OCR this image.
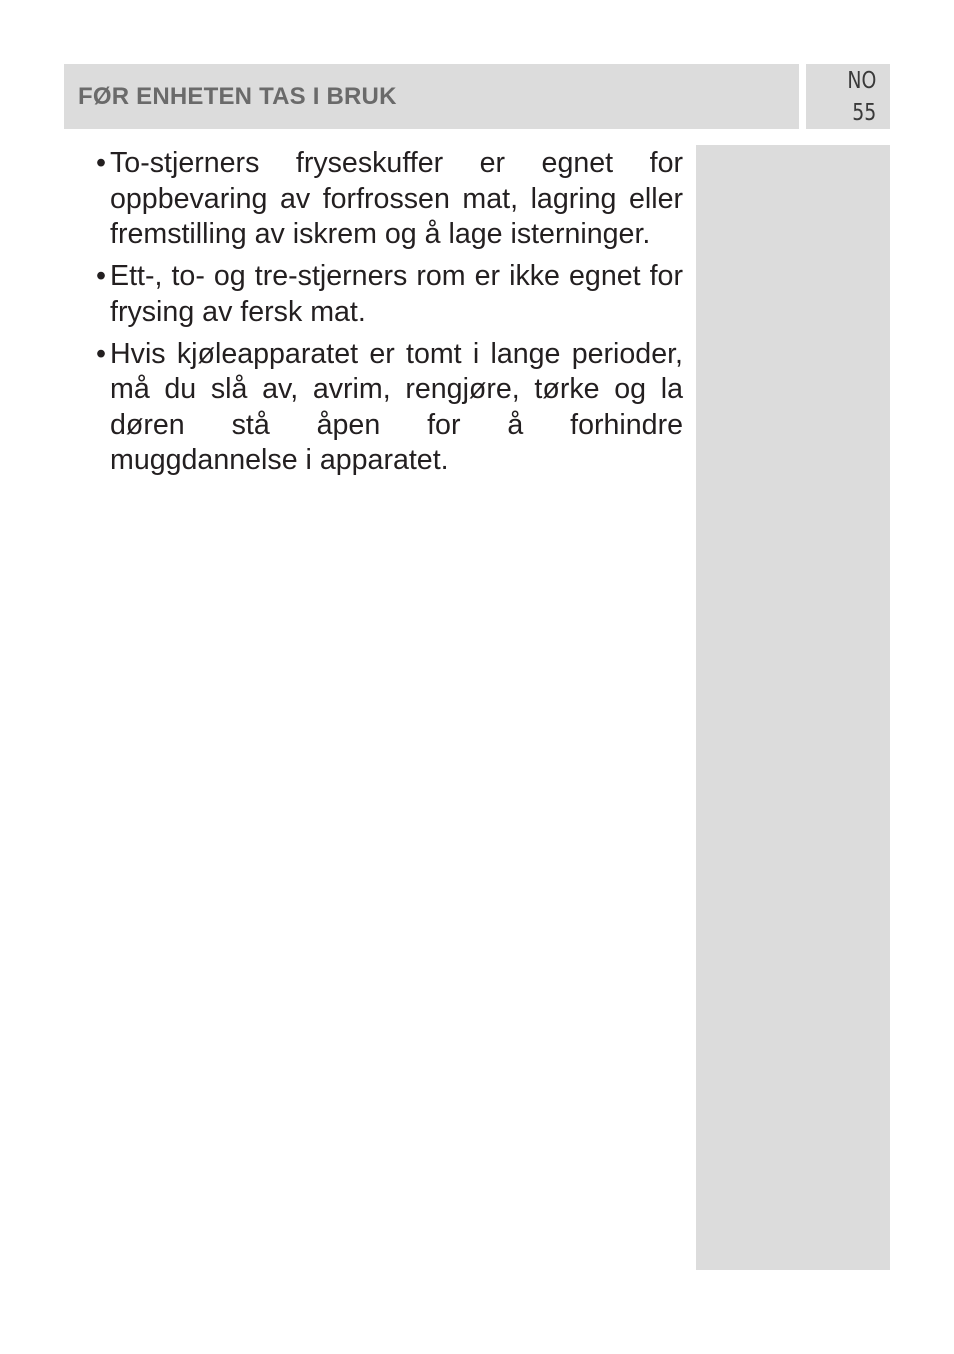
FØR ENHETEN TAS I BRUK
NO
55
• To-stjerners fryseskuffer er egnet for oppbevaring av forfrossen mat, lagring eller fremstilling av iskrem og å lage isterninger.
• Ett-, to- og tre-stjerners rom er ikke egnet for frysing av fersk mat.
• Hvis kjøleapparatet er tomt i lange perioder, må du slå av, avrim, rengjøre, tørke og la døren stå åpen for å forhindre muggdannelse i apparatet.
